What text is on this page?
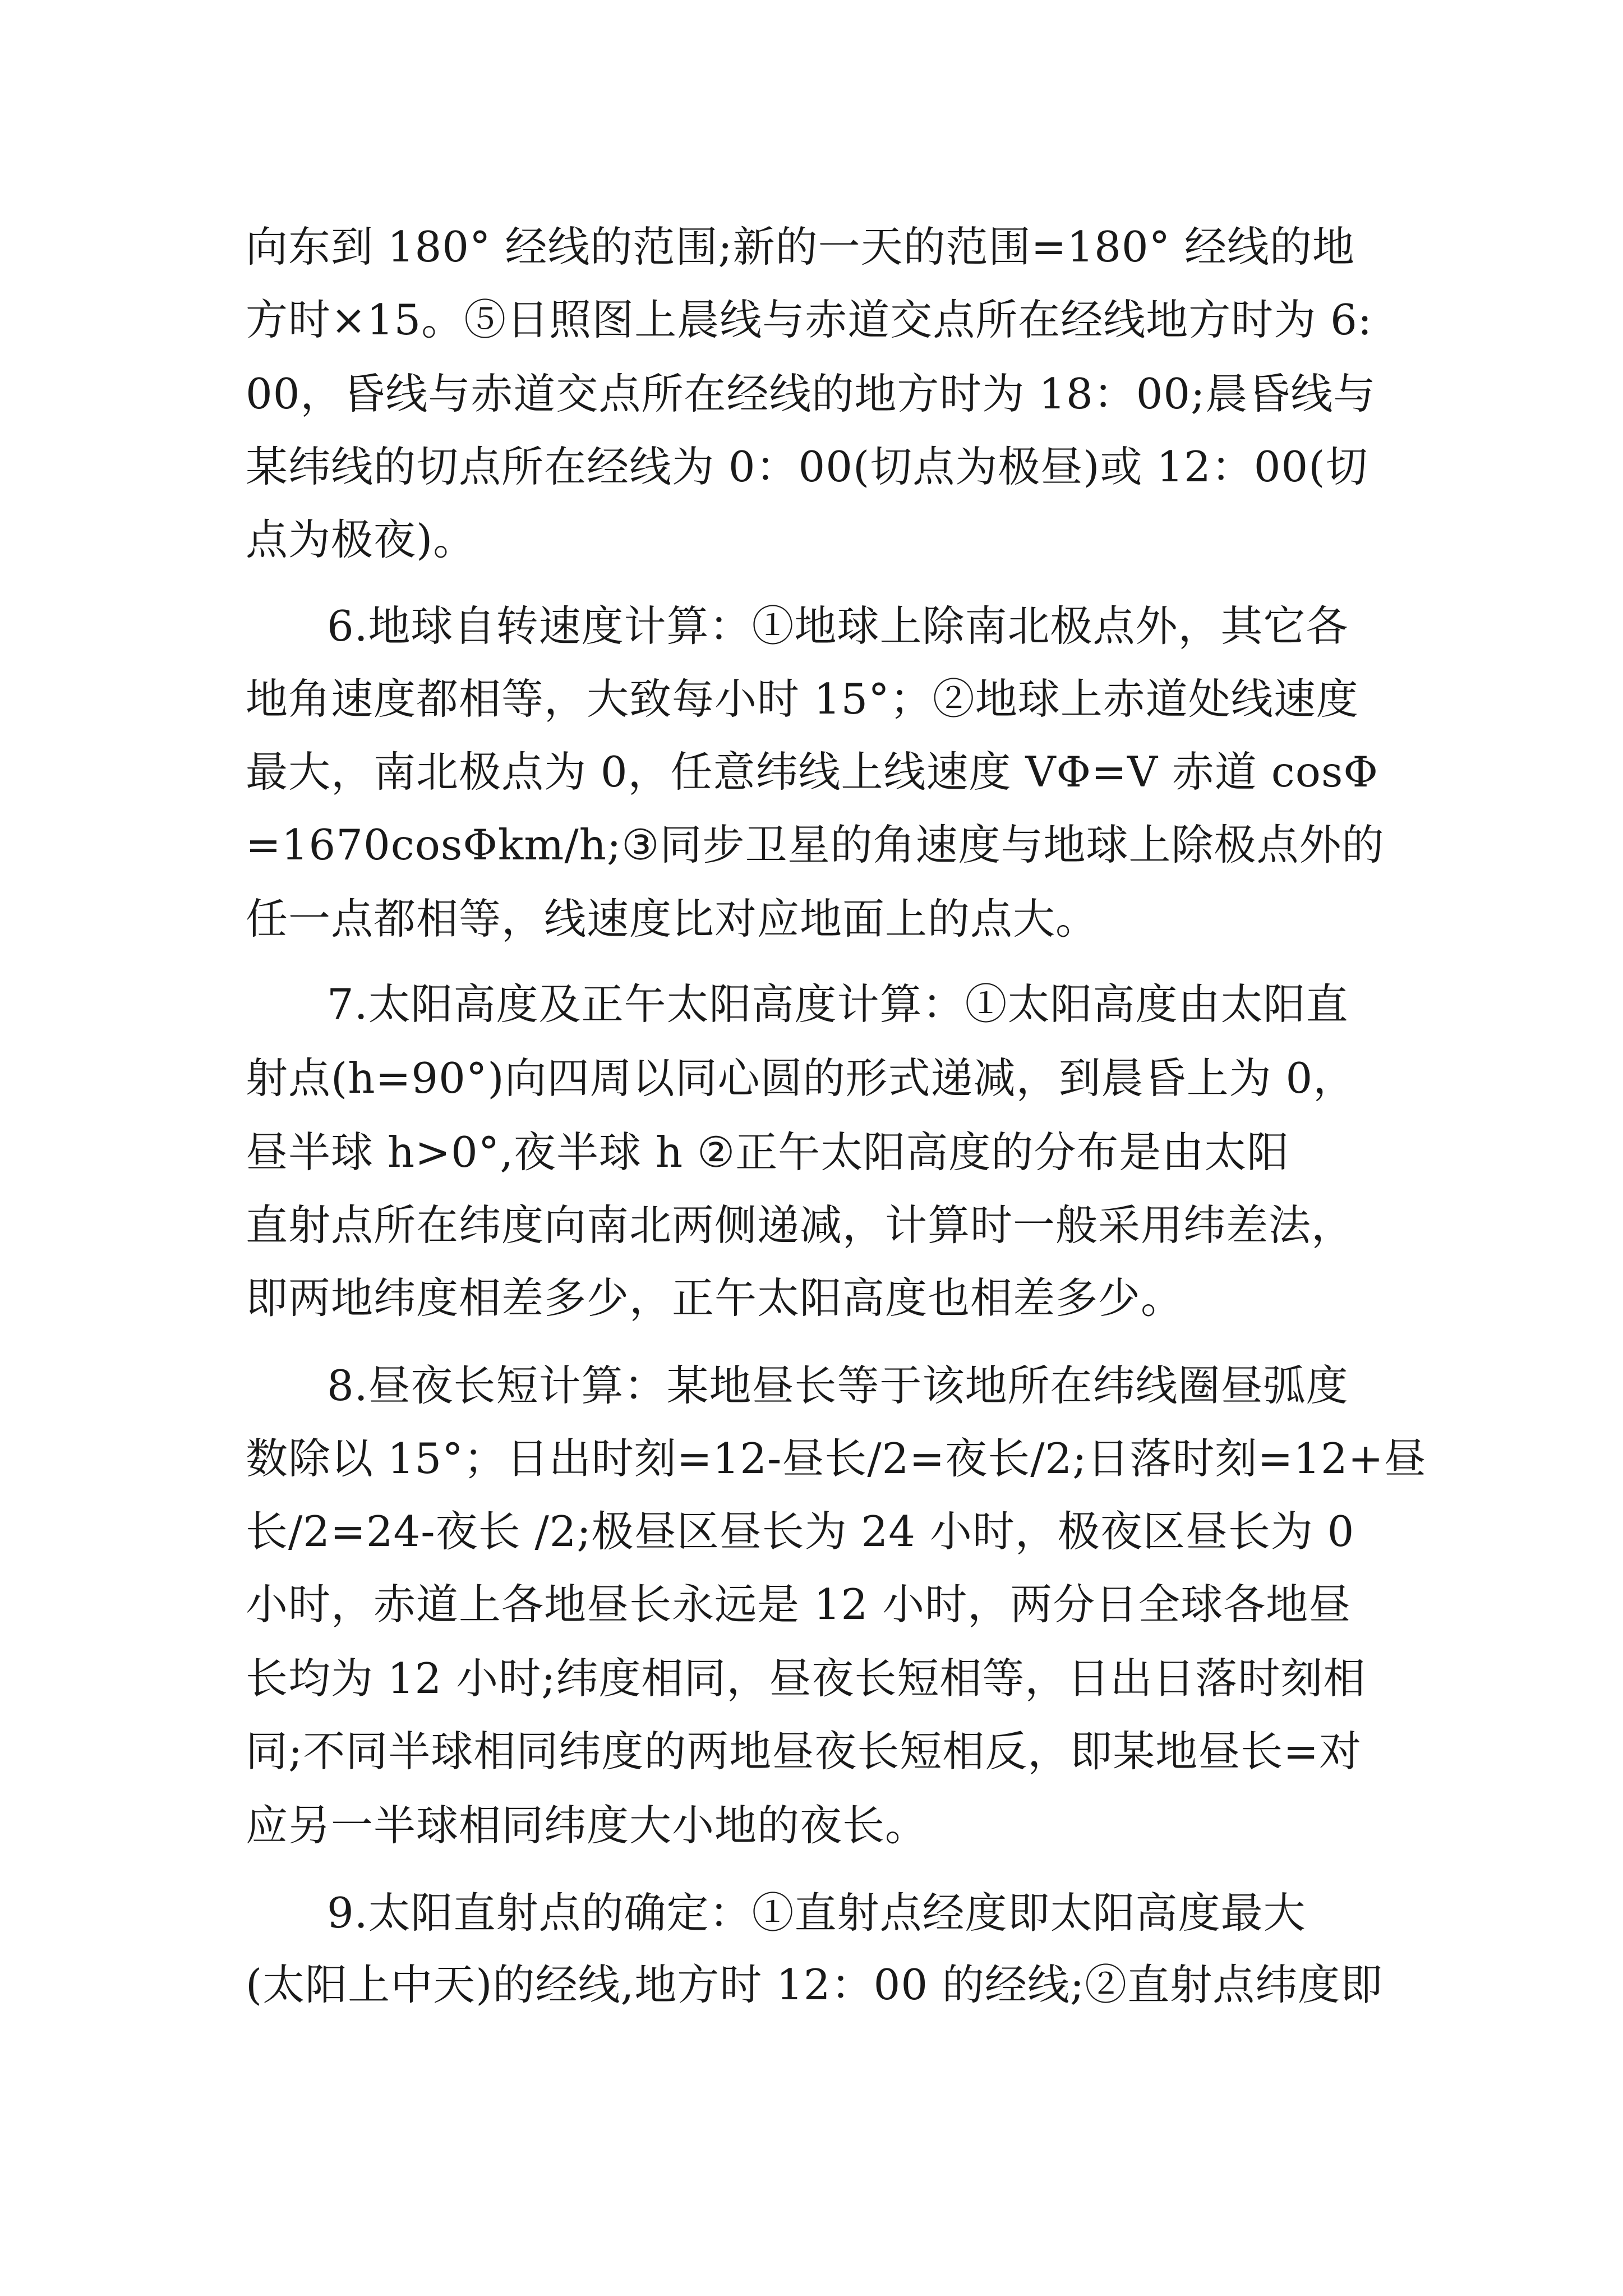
向东到 180° 经线的范围;新的一天的范围=180° 经线的地
方时×15。⑤日照图上晨线与赤道交点所在经线地方时为 6:
00，昏线与赤道交点所在经线的地方时为 18：00;晨昏线与
某纬线的切点所在经线为 0：00(切点为极昼)或 12：00(切
点为极夜)。
6.地球自转速度计算：①地球上除南北极点外，其它各
地角速度都相等，大致每小时 15°；②地球上赤道处线速度
最大，南北极点为 0，任意纬线上线速度 VΦ=V 赤道 cosΦ
=1670cosΦkm/h;③同步卫星的角速度与地球上除极点外的
任一点都相等，线速度比对应地面上的点大。
7.太阳高度及正午太阳高度计算：①太阳高度由太阳直
射点(h=90°)向四周以同心圆的形式递减，到晨昏上为 0，
昼半球 h>0°,夜半球 h ②正午太阳高度的分布是由太阳
直射点所在纬度向南北两侧递减，计算时一般采用纬差法，
即两地纬度相差多少，正午太阳高度也相差多少。
8.昼夜长短计算：某地昼长等于该地所在纬线圈昼弧度
数除以 15°；日出时刻=12-昼长/2=夜长/2;日落时刻=12+昼
长/2=24-夜长 /2;极昼区昼长为 24 小时，极夜区昼长为 0
小时，赤道上各地昼长永远是 12 小时，两分日全球各地昼
长均为 12 小时;纬度相同，昼夜长短相等，日出日落时刻相
同;不同半球相同纬度的两地昼夜长短相反，即某地昼长=对
应另一半球相同纬度大小地的夜长。
9.太阳直射点的确定：①直射点经度即太阳高度最大
(太阳上中天)的经线,地方时 12：00 的经线;②直射点纬度即
